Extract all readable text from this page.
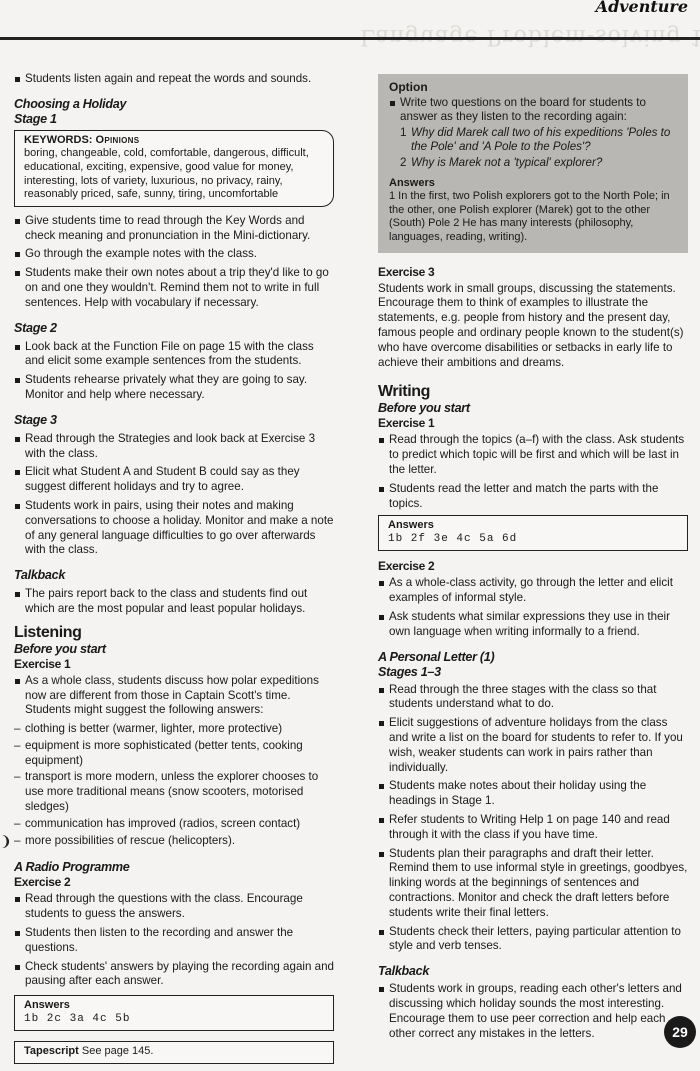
Adventure
❩

Students listen again and repeat the words and sounds.

Choosing a Holiday

Stage 1

KEYWORDS: Opinions
boring, changeable, cold, comfortable, dangerous, difficult, educational, exciting, expensive, good value for money, interesting, lots of variety, luxurious, no privacy, rainy, reasonably priced, safe, sunny, tiring, uncomfortable

Give students time to read through the Key Words and check meaning and pronunciation in the Mini-dictionary.

Go through the example notes with the class.

Students make their own notes about a trip they'd like to go on and one they wouldn't. Remind them not to write in full sentences. Help with vocabulary if necessary.

Stage 2

Look back at the Function File on page 15 with the class and elicit some example sentences from the students.

Students rehearse privately what they are going to say. Monitor and help where necessary.

Stage 3

Read through the Strategies and look back at Exercise 3 with the class.

Elicit what Student A and Student B could say as they suggest different holidays and try to agree.

Students work in pairs, using their notes and making conversations to choose a holiday. Monitor and make a note of any general language difficulties to go over afterwards with the class.

Talkback

The pairs report back to the class and students find out which are the most popular and least popular holidays.

Listening

Before you start

Exercise 1

As a whole class, students discuss how polar expeditions now are different from those in Captain Scott's time. Students might suggest the following answers:

– clothing is better (warmer, lighter, more protective)

– equipment is more sophisticated (better tents, cooking equipment)

– transport is more modern, unless the explorer chooses to use more traditional means (snow scooters, motorised sledges)

– communication has improved (radios, screen contact)

– more possibilities of rescue (helicopters).

A Radio Programme

Exercise 2

Read through the questions with the class. Encourage students to guess the answers.

Students then listen to the recording and answer the questions.

Check students' answers by playing the recording again and pausing after each answer.

Answers
1b 2c 3a 4c 5b
Tapescript See page 145.
Option

Write two questions on the board for students to answer as they listen to the recording again:

1 Why did Marek call two of his expeditions 'Poles to the Pole' and 'A Pole to the Poles'?
2 Why is Marek not a 'typical' explorer?
Answers
1 In the first, two Polish explorers got to the North Pole; in the other, one Polish explorer (Marek) got to the other (South) Pole 2 He has many interests (philosophy, languages, reading, writing).

Exercise 3

Students work in small groups, discussing the statements. Encourage them to think of examples to illustrate the statements, e.g. people from history and the present day, famous people and ordinary people known to the student(s) who have overcome disabilities or setbacks in early life to achieve their ambitions and dreams.

Writing

Before you start

Exercise 1

Read through the topics (a–f) with the class. Ask students to predict which topic will be first and which will be last in the letter.

Students read the letter and match the parts with the topics.

Answers
1b 2f 3e 4c 5a 6d

Exercise 2

As a whole-class activity, go through the letter and elicit examples of informal style.

Ask students what similar expressions they use in their own language when writing informally to a friend.

A Personal Letter (1)

Stages 1–3

Read through the three stages with the class so that students understand what to do.

Elicit suggestions of adventure holidays from the class and write a list on the board for students to refer to. If you wish, weaker students can work in pairs rather than individually.

Students make notes about their holiday using the headings in Stage 1.

Refer students to Writing Help 1 on page 140 and read through it with the class if you have time.

Students plan their paragraphs and draft their letter. Remind them to use informal style in greetings, goodbyes, linking words at the beginnings of sentences and contractions. Monitor and check the draft letters before students write their final letters.

Students check their letters, paying particular attention to style and verb tenses.

Talkback

Students work in groups, reading each other's letters and discussing which holiday sounds the most interesting. Encourage them to use peer correction and help each other correct any mistakes in the letters.	29
